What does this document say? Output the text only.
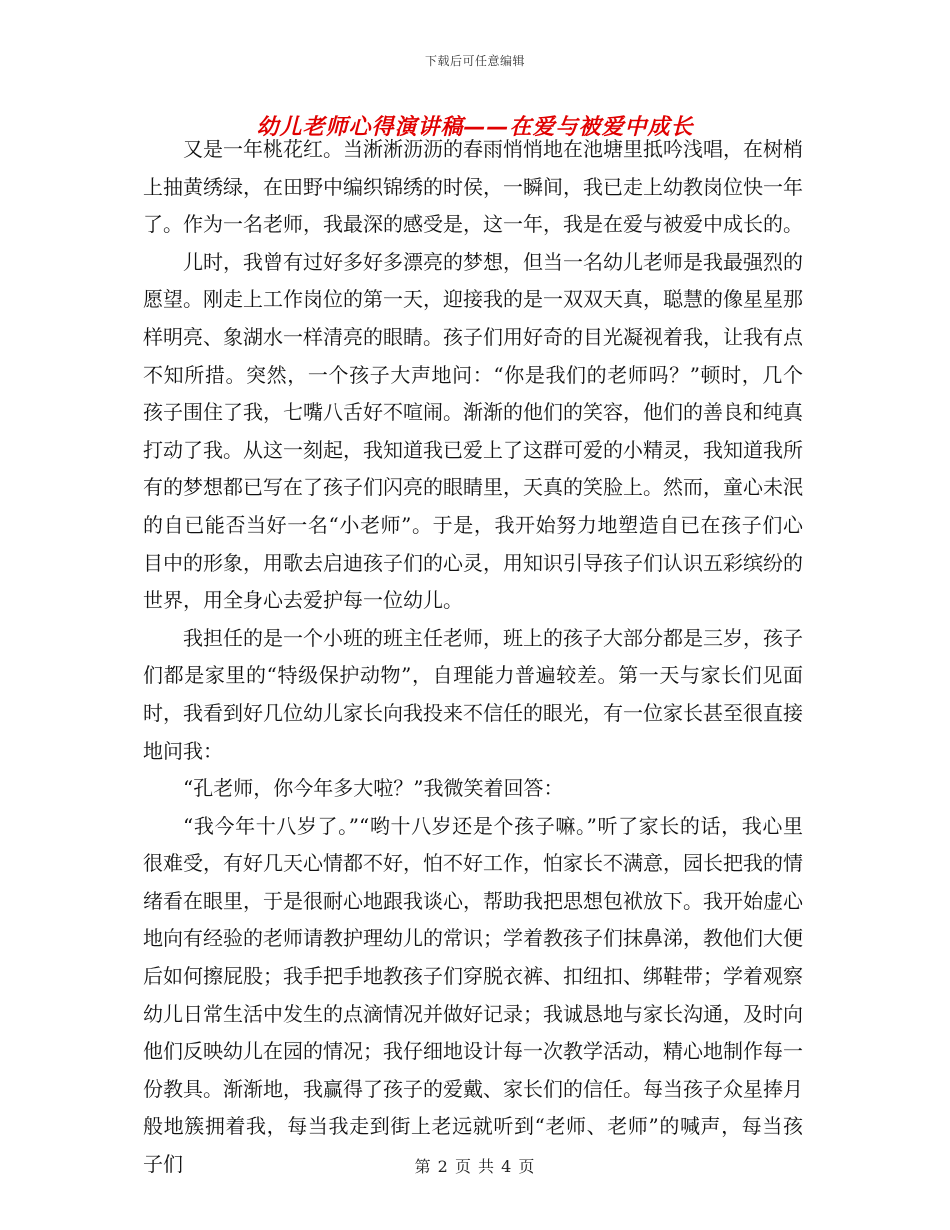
下载后可任意编辑
幼儿老师心得演讲稿——在爱与被爱中成长

又是一年桃花红。当淅淅沥沥的春雨悄悄地在池塘里抵吟浅唱，在树梢上抽黄绣绿，在田野中编织锦绣的时侯，一瞬间，我已走上幼教岗位快一年了。作为一名老师，我最深的感受是，这一年，我是在爱与被爱中成长的。

儿时，我曾有过好多好多漂亮的梦想，但当一名幼儿老师是我最强烈的愿望。刚走上工作岗位的第一天，迎接我的是一双双天真，聪慧的像星星那样明亮、象湖水一样清亮的眼睛。孩子们用好奇的目光凝视着我，让我有点不知所措。突然，一个孩子大声地问：“你是我们的老师吗？”顿时，几个孩子围住了我，七嘴八舌好不喧闹。渐渐的他们的笑容，他们的善良和纯真打动了我。从这一刻起，我知道我已爱上了这群可爱的小精灵，我知道我所有的梦想都已写在了孩子们闪亮的眼睛里，天真的笑脸上。然而，童心未泯的自已能否当好一名“小老师”。于是，我开始努力地塑造自已在孩子们心目中的形象，用歌去启迪孩子们的心灵，用知识引导孩子们认识五彩缤纷的世界，用全身心去爱护每一位幼儿。

我担任的是一个小班的班主任老师，班上的孩子大部分都是三岁，孩子们都是家里的“特级保护动物”，自理能力普遍较差。第一天与家长们见面时，我看到好几位幼儿家长向我投来不信任的眼光，有一位家长甚至很直接地问我：

“孔老师，你今年多大啦？”我微笑着回答：

“我今年十八岁了。”“哟十八岁还是个孩子嘛。”听了家长的话，我心里很难受，有好几天心情都不好，怕不好工作，怕家长不满意，园长把我的情绪看在眼里，于是很耐心地跟我谈心，帮助我把思想包袱放下。我开始虚心地向有经验的老师请教护理幼儿的常识；学着教孩子们抹鼻涕，教他们大便后如何擦屁股；我手把手地教孩子们穿脱衣裤、扣纽扣、绑鞋带；学着观察幼儿日常生活中发生的点滴情况并做好记录；我诚恳地与家长沟通，及时向他们反映幼儿在园的情况；我仔细地设计每一次教学活动，精心地制作每一份教具。渐渐地，我赢得了孩子的爱戴、家长们的信任。每当孩子众星捧月般地簇拥着我，每当我走到街上老远就听到“老师、老师”的喊声，每当孩子们	第 2 页 共 4 页
